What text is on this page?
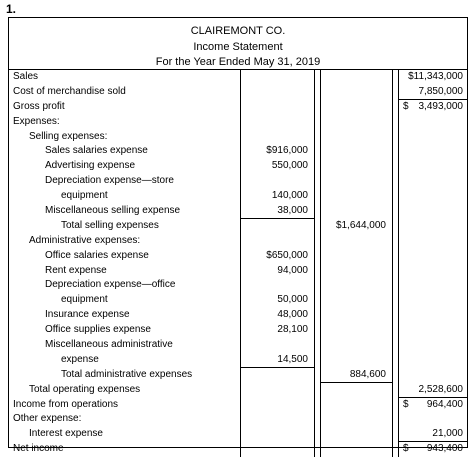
1.
CLAIREMONT CO.
Income Statement
For the Year Ended May 31, 2019
Sales	$11,343,000
Cost of merchandise sold	7,850,000
Gross profit	$ 3,493,000
Expenses:
Selling expenses:
Sales salaries expense	$916,000
Advertising expense	550,000
Depreciation expense—store
equipment	140,000
Miscellaneous selling expense	38,000
Total selling expenses	$1,644,000
Administrative expenses:
Office salaries expense	$650,000
Rent expense	94,000
Depreciation expense—office
equipment	50,000
Insurance expense	48,000
Office supplies expense	28,100
Miscellaneous administrative
expense	14,500
Total administrative expenses	884,600
Total operating expenses	2,528,600
Income from operations	$ 964,400
Other expense:
Interest expense	21,000
Net income	$ 943,400
